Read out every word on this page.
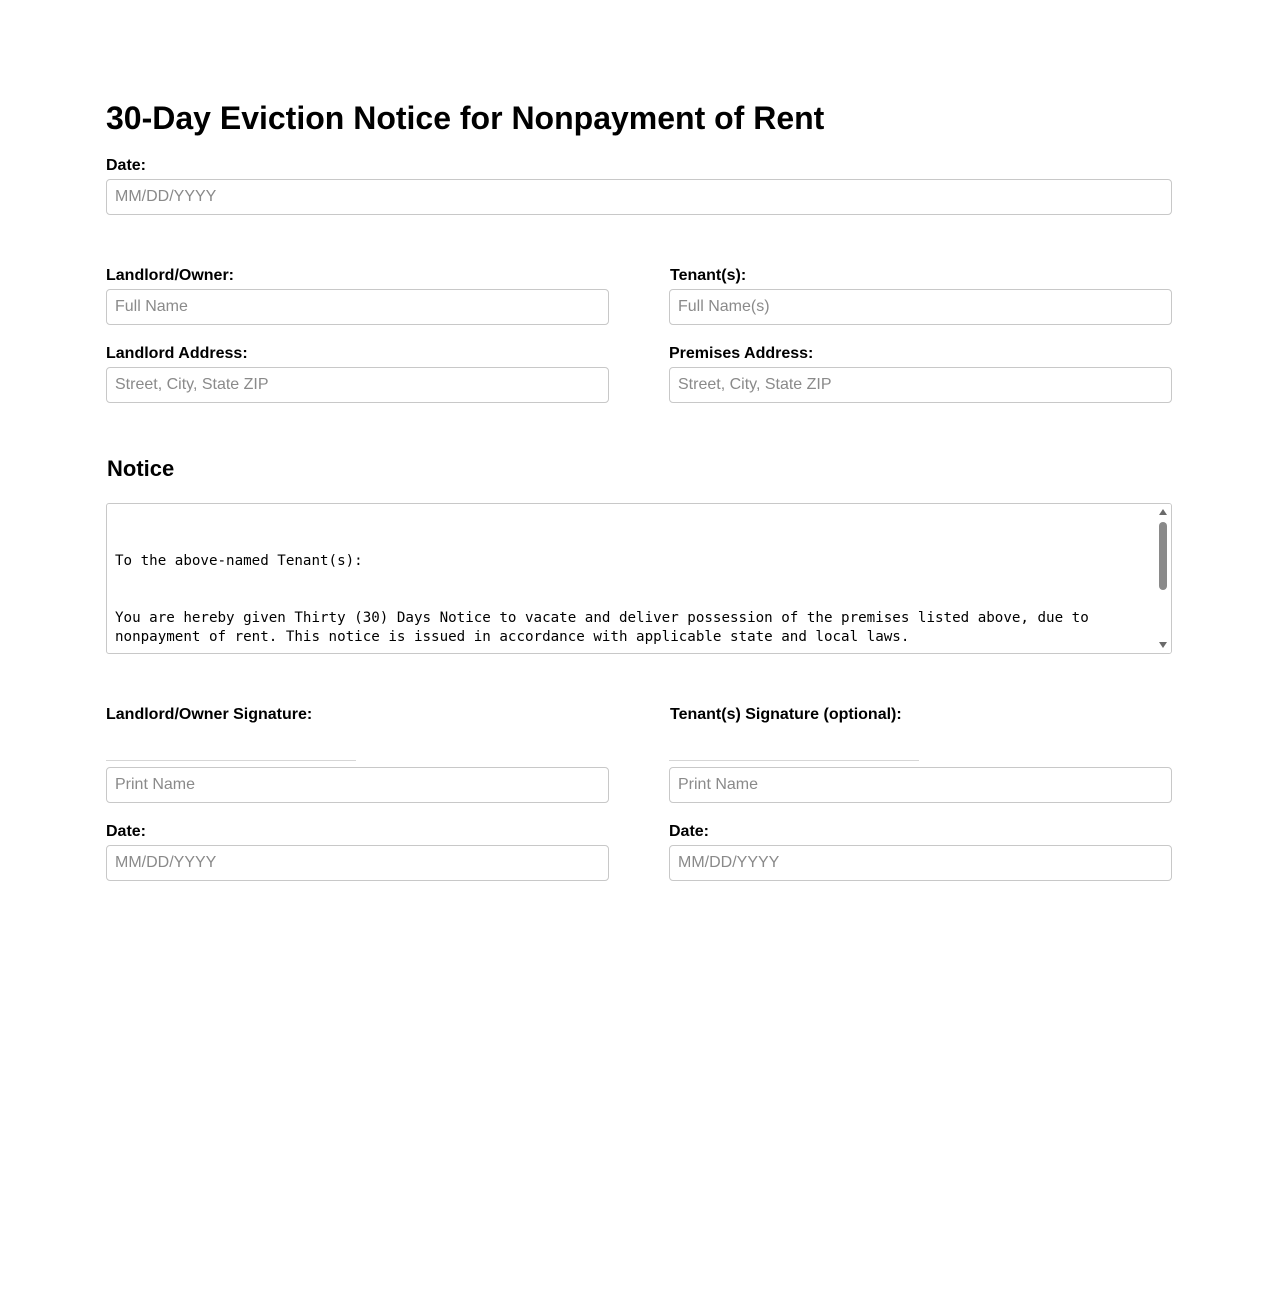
30-Day Eviction Notice for Nonpayment of Rent
Date:
MM/DD/YYYY
Landlord/Owner:
Full Name	Tenant(s):
Full Name(s)
Landlord Address:
Street, City, State ZIP	Premises Address:
Street, City, State ZIP
Notice

To the above-named Tenant(s):

You are hereby given Thirty (30) Days Notice to vacate and deliver possession of the premises listed above, due to nonpayment of rent. This notice is issued in accordance with applicable state and local laws.

Landlord/Owner Signature:
Print Name
Date:
MM/DD/YYYY
Tenant(s) Signature (optional):
Print Name
Date:
MM/DD/YYYY
